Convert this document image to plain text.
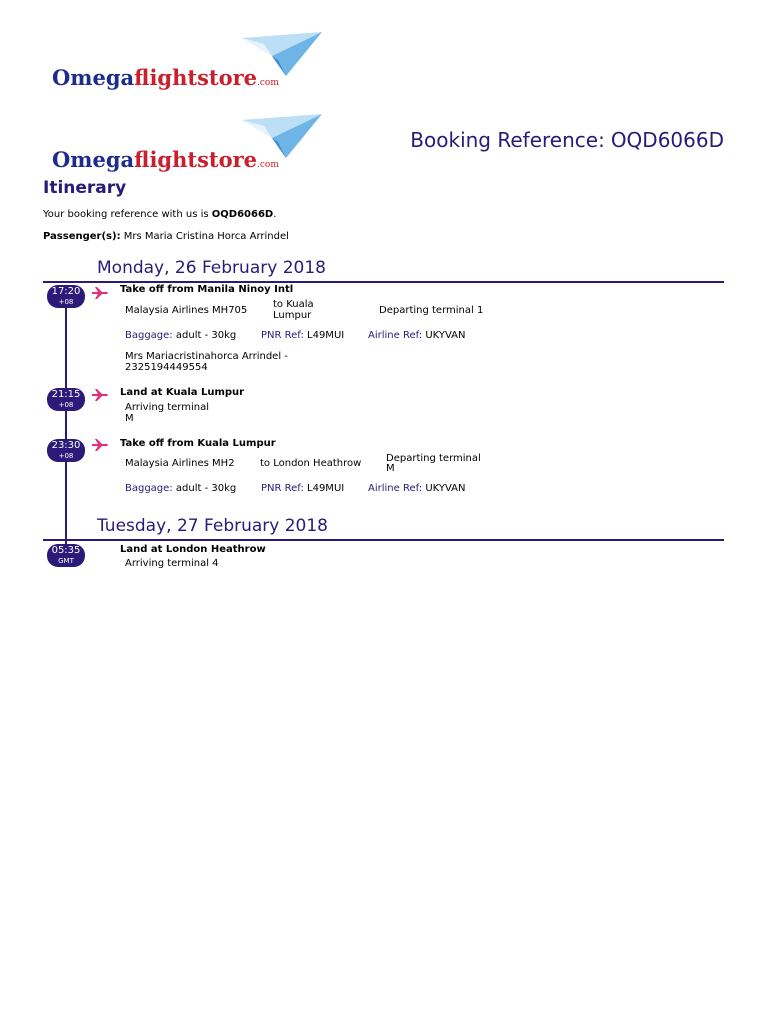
Omegaflightstore.com
Omegaflightstore.com
Booking Reference: OQD6066D
Itinerary
Your booking reference with us is OQD6066D.
Passenger(s): Mrs Maria Cristina Horca Arrindel
Monday, 26 February 2018
Tuesday, 27 February 2018
17:20
+08
Take off from Manila Ninoy Intl
Malaysia Airlines MH705
to Kuala
Lumpur	Departing terminal 1
Baggage: adult - 30kg PNR Ref: L49MUI Airline Ref: UKYVAN
Mrs Mariacristinahorca Arrindel -
2325194449554
21:15
+08
Land at Kuala Lumpur
Arriving terminal
M
23:30
+08
Take off from Kuala Lumpur
Malaysia Airlines MH2	to London Heathrow Departing terminal
M
Baggage: adult - 30kg PNR Ref: L49MUI Airline Ref: UKYVAN
05:35
GMT
Land at London Heathrow
Arriving terminal 4
